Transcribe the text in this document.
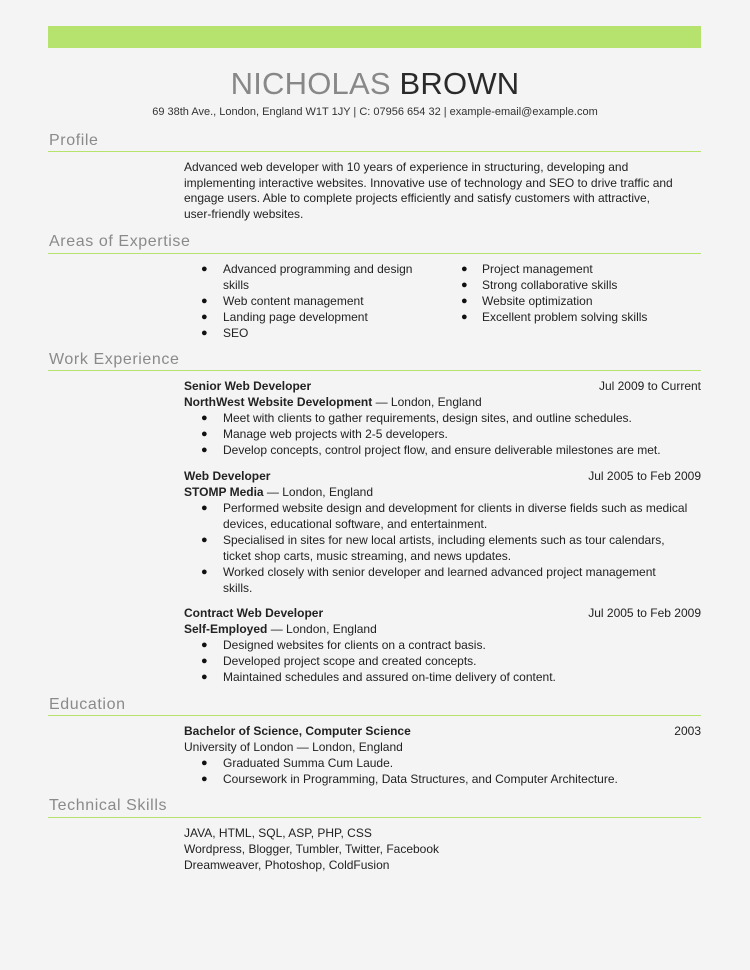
NICHOLAS BROWN
69 38th Ave., London, England W1T 1JY | C: 07956 654 32 | example-email@example.com
Profile
Advanced web developer with 10 years of experience in structuring, developing and
implementing interactive websites. Innovative use of technology and SEO to drive traffic and
engage users. Able to complete projects efficiently and satisfy customers with attractive,
user-friendly websites.
Areas of Expertise
● Advanced programming and design
skills
● Web content management
● Landing page development
● SEO
● Project management
● Strong collaborative skills
● Website optimization
● Excellent problem solving skills
Work Experience
Senior Web Developer	Jul 2009 to Current
NorthWest Website Development — London, England
● Meet with clients to gather requirements, design sites, and outline schedules.
● Manage web projects with 2-5 developers.
● Develop concepts, control project flow, and ensure deliverable milestones are met.
Web Developer	Jul 2005 to Feb 2009
STOMP Media — London, England
● Performed website design and development for clients in diverse fields such as medical
devices, educational software, and entertainment.
● Specialised in sites for new local artists, including elements such as tour calendars,
ticket shop carts, music streaming, and news updates.
● Worked closely with senior developer and learned advanced project management
skills.
Contract Web Developer	Jul 2005 to Feb 2009
Self-Employed — London, England
● Designed websites for clients on a contract basis.
● Developed project scope and created concepts.
● Maintained schedules and assured on-time delivery of content.
Education
Bachelor of Science, Computer Science	2003
University of London — London, England
● Graduated Summa Cum Laude.
● Coursework in Programming, Data Structures, and Computer Architecture.
Technical Skills
JAVA, HTML, SQL, ASP, PHP, CSS
Wordpress, Blogger, Tumbler, Twitter, Facebook
Dreamweaver, Photoshop, ColdFusion
